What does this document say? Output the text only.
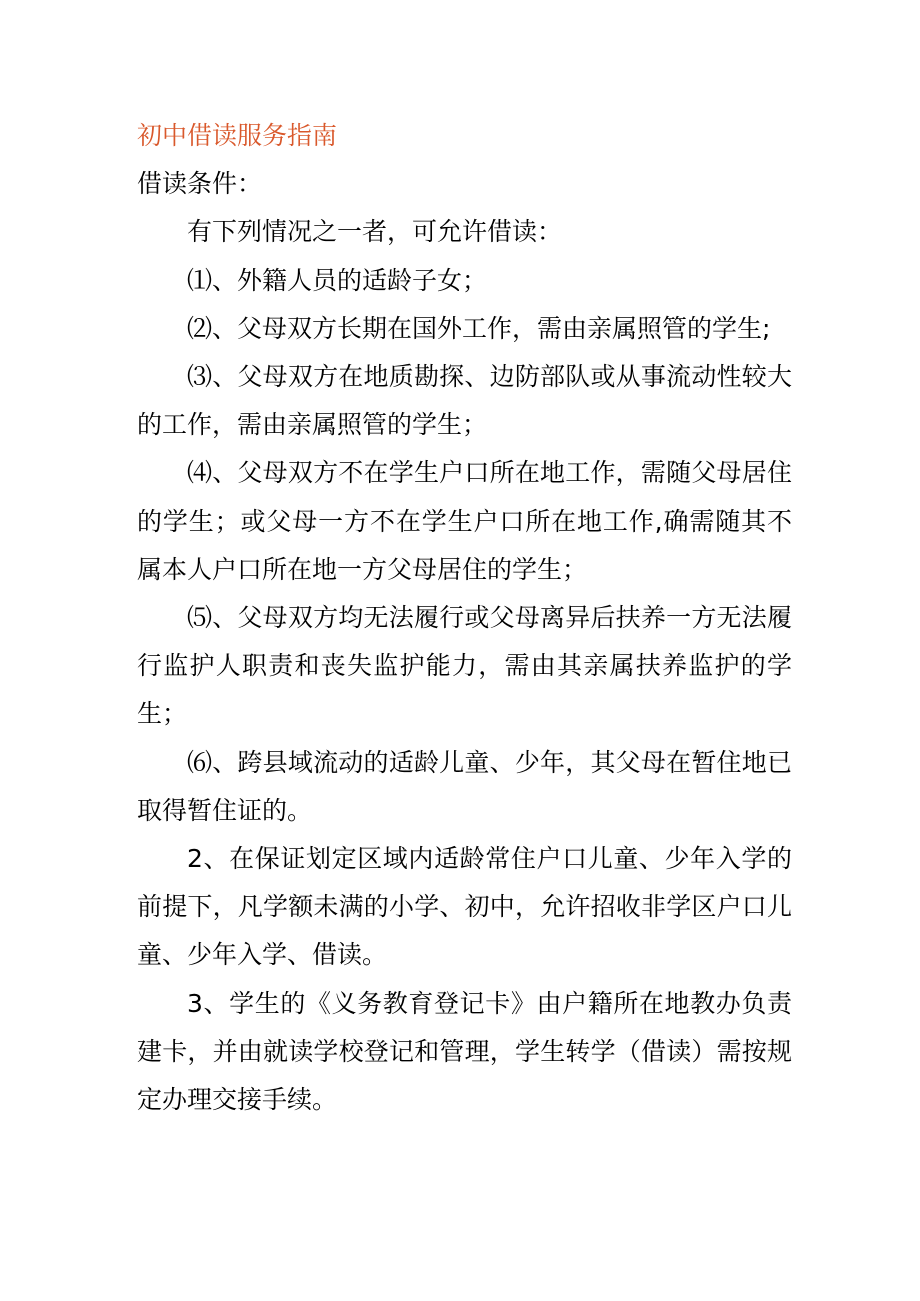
初中借读服务指南

借读条件：

有下列情况之一者，可允许借读：

⑴、外籍人员的适龄子女；

⑵、父母双方长期在国外工作，需由亲属照管的学生;

⑶、父母双方在地质勘探、边防部队或从事流动性较大的工作，需由亲属照管的学生；

⑷、父母双方不在学生户口所在地工作，需随父母居住的学生；或父母一方不在学生户口所在地工作,确需随其不属本人户口所在地一方父母居住的学生；

⑸、父母双方均无法履行或父母离异后扶养一方无法履行监护人职责和丧失监护能力，需由其亲属扶养监护的学生；

⑹、跨县域流动的适龄儿童、少年，其父母在暂住地已取得暂住证的。

2、在保证划定区域内适龄常住户口儿童、少年入学的前提下，凡学额未满的小学、初中，允许招收非学区户口儿童、少年入学、借读。

3、学生的《义务教育登记卡》由户籍所在地教办负责建卡，并由就读学校登记和管理，学生转学（借读）需按规定办理交接手续。
